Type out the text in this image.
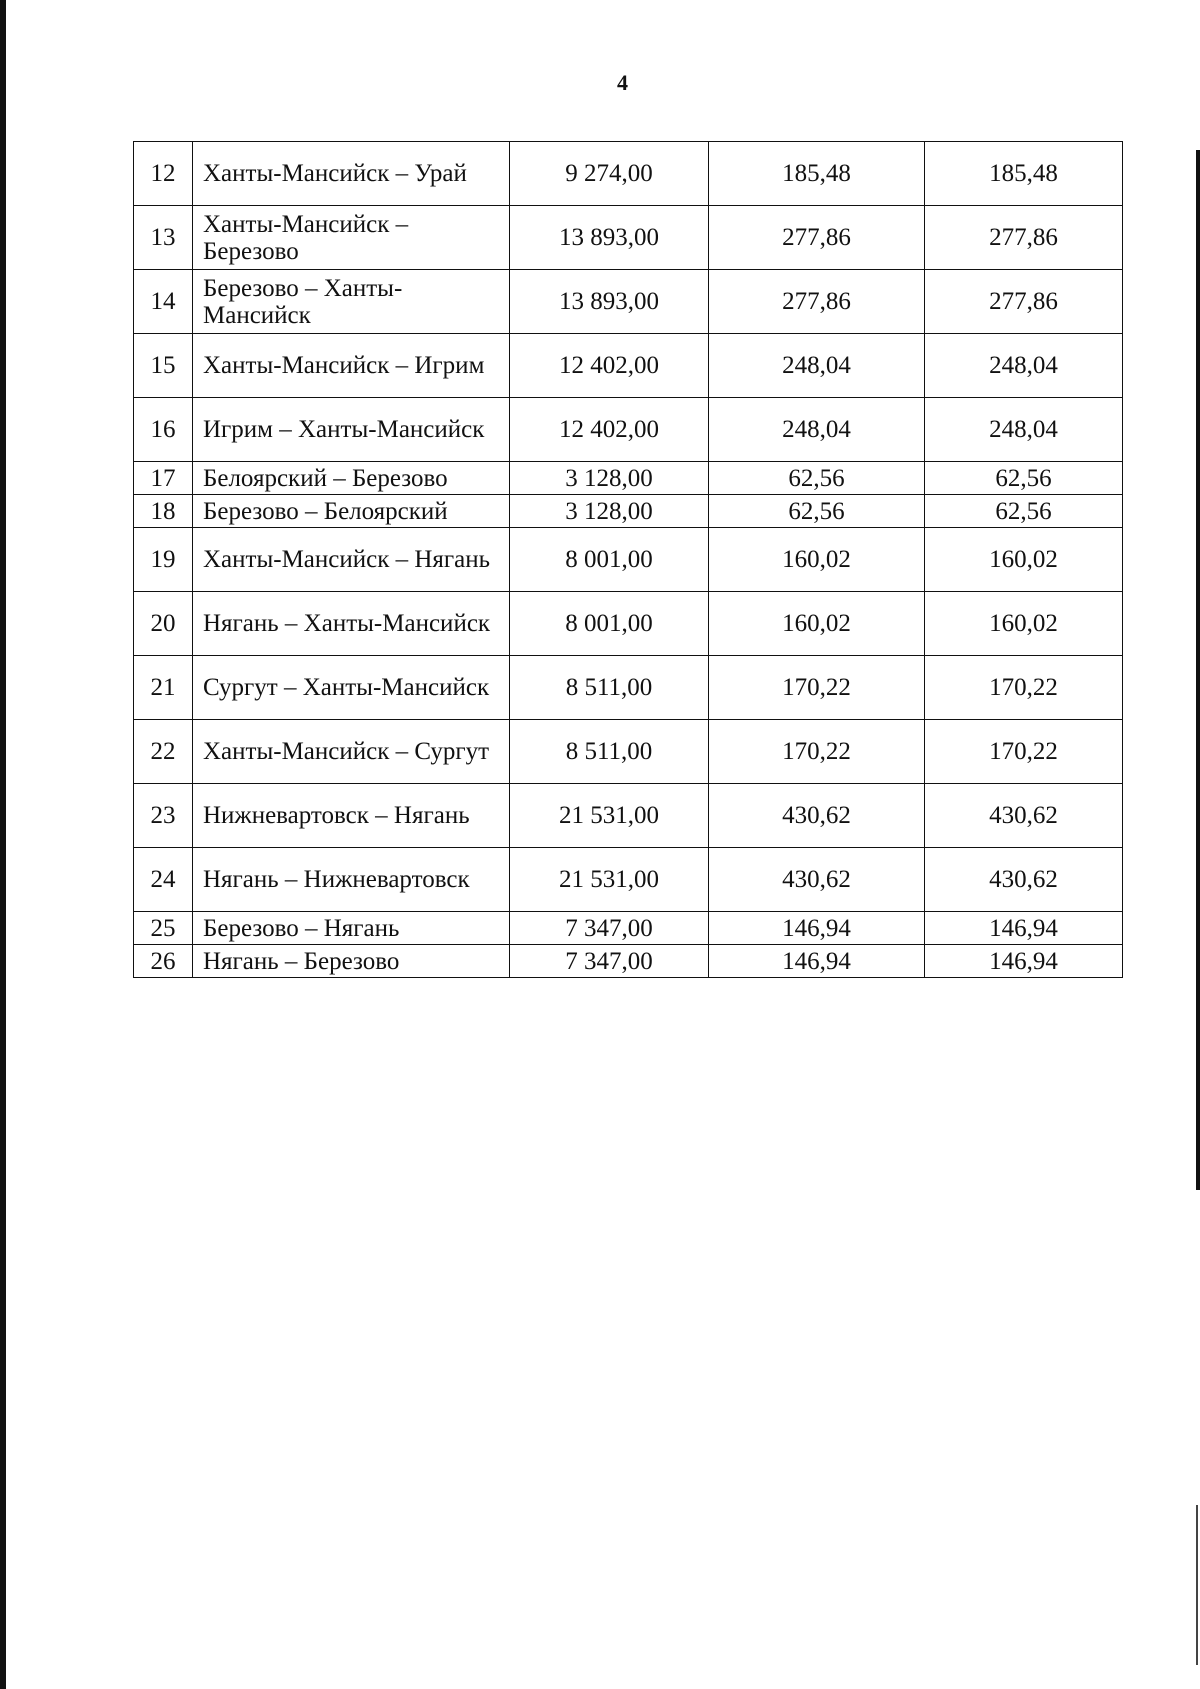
4
12	Ханты-Мансийск – Урай	9 274,00	185,48	185,48
13	Ханты-Мансийск – Березово	13 893,00	277,86	277,86
14	Березово – Ханты-Мансийск	13 893,00	277,86	277,86
15	Ханты-Мансийск – Игрим	12 402,00	248,04	248,04
16	Игрим – Ханты-Мансийск	12 402,00	248,04	248,04
17	Белоярский – Березово	3 128,00	62,56	62,56
18	Березово – Белоярский	3 128,00	62,56	62,56
19	Ханты-Мансийск – Нягань	8 001,00	160,02	160,02
20	Нягань – Ханты-Мансийск	8 001,00	160,02	160,02
21	Сургут – Ханты-Мансийск	8 511,00	170,22	170,22
22	Ханты-Мансийск – Сургут	8 511,00	170,22	170,22
23	Нижневартовск – Нягань	21 531,00	430,62	430,62
24	Нягань – Нижневартовск	21 531,00	430,62	430,62
25	Березово – Нягань	7 347,00	146,94	146,94
26	Нягань – Березово	7 347,00	146,94	146,94
